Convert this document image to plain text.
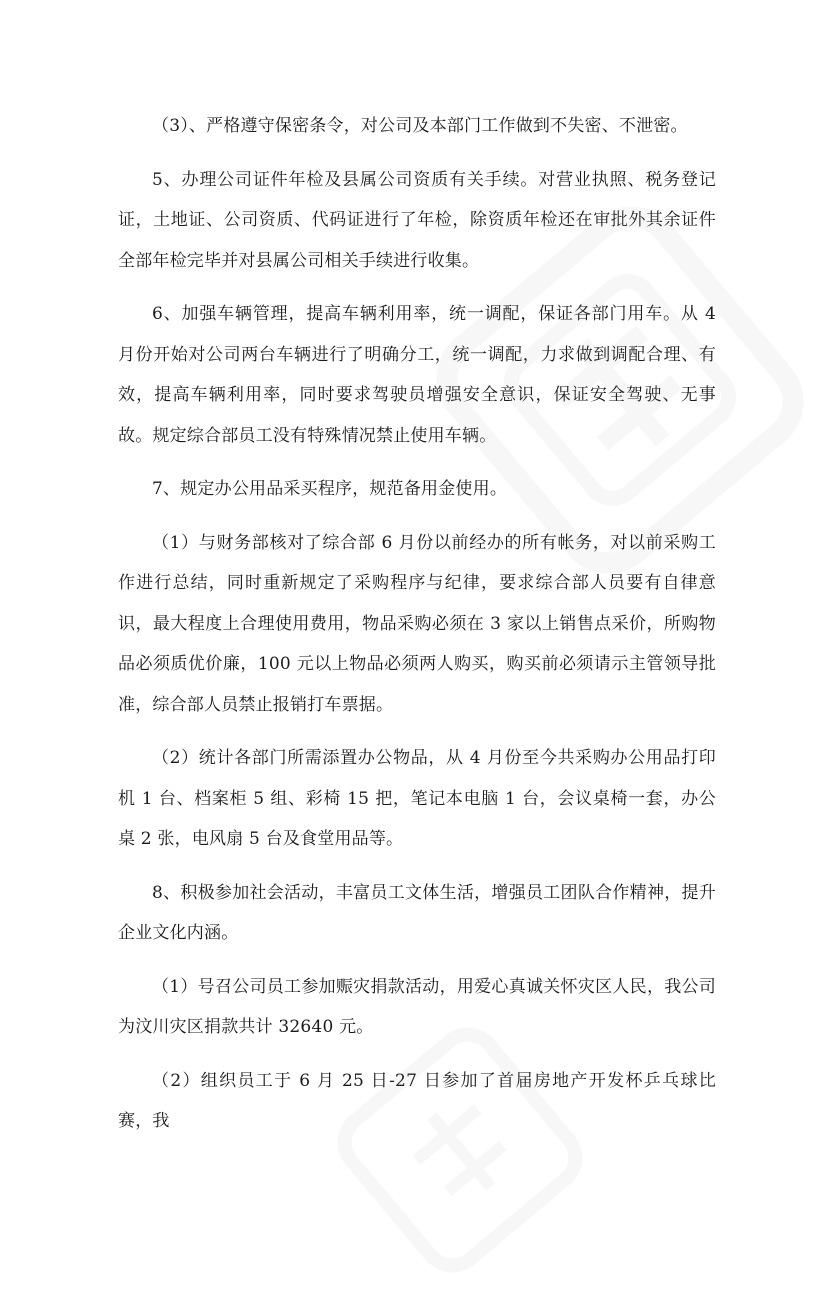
（3）、严格遵守保密条令，对公司及本部门工作做到不失密、不泄密。

5、办理公司证件年检及县属公司资质有关手续。对营业执照、税务登记证，土地证、公司资质、代码证进行了年检，除资质年检还在审批外其余证件全部年检完毕并对县属公司相关手续进行收集。

6、加强车辆管理，提高车辆利用率，统一调配，保证各部门用车。从 4 月份开始对公司两台车辆进行了明确分工，统一调配，力求做到调配合理、有效，提高车辆利用率，同时要求驾驶员增强安全意识，保证安全驾驶、无事故。规定综合部员工没有特殊情况禁止使用车辆。

7、规定办公用品采买程序，规范备用金使用。

（1）与财务部核对了综合部 6 月份以前经办的所有帐务，对以前采购工作进行总结，同时重新规定了采购程序与纪律，要求综合部人员要有自律意识，最大程度上合理使用费用，物品采购必须在 3 家以上销售点采价，所购物品必须质优价廉，100 元以上物品必须两人购买，购买前必须请示主管领导批准，综合部人员禁止报销打车票据。

（2）统计各部门所需添置办公物品，从 4 月份至今共采购办公用品打印机 1 台、档案柜 5 组、彩椅 15 把，笔记本电脑 1 台，会议桌椅一套，办公桌 2 张，电风扇 5 台及食堂用品等。

8、积极参加社会活动，丰富员工文体生活，增强员工团队合作精神，提升企业文化内涵。

（1）号召公司员工参加赈灾捐款活动，用爱心真诚关怀灾区人民，我公司为汶川灾区捐款共计 32640 元。

（2）组织员工于 6 月 25 日-27 日参加了首届房地产开发杯乒乓球比赛，我
